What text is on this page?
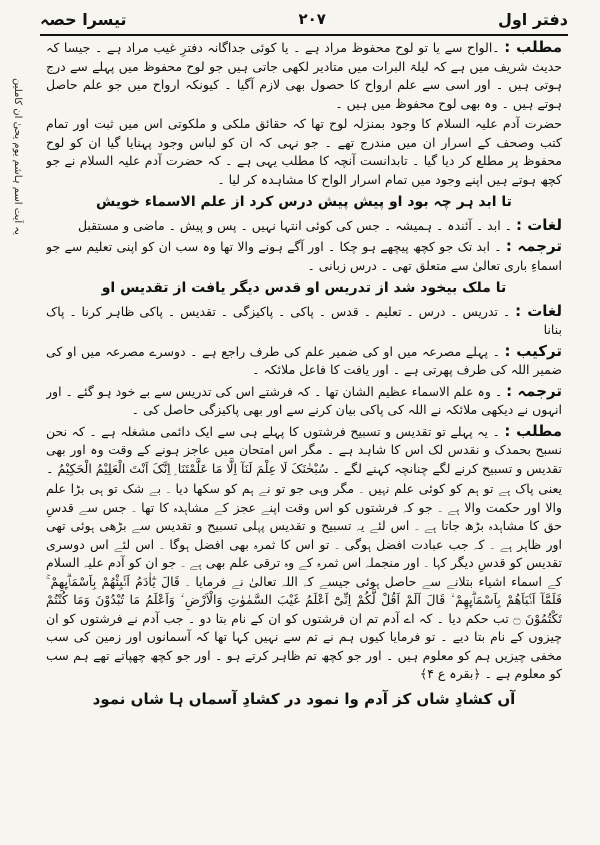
دفتر اول
۲۰۷
تیسرا حصہ
یہ آیت اسم ہاشم یوم یحیٰ ان کاملین

مطلب : ۔الواح سے یا تو لوح محفوظ مراد ہے ۔ یا کوئی جداگانہ دفترِ غیب مراد ہے ۔ جیسا کہ حدیث شریف میں ہے کہ لیلۃ البرات میں متادیر لکھی جاتی ہیں جو لوح محفوظ میں پہلے سے درج ہوتی ہیں ۔ اور اسی سے علم ارواح کا حصول بھی لازم آگیا ۔ کیونکہ ارواح میں جو علم حاصل ہوتے ہیں ۔ وہ بھی لوح محفوظ میں ہیں ۔

حضرت آدم علیہ السلام کا وجود بمنزلہ لوح تھا کہ حقائق ملکی و ملکوتی اس میں ثبت اور تمام کتب وصحف کے اسرار ان میں مندرج تھے ۔ جو نہی کہ ان کو لباس وجود پہنایا گیا ان کو لوح محفوظ پر مطلع کر دیا گیا ۔ تابدانست آنچہ کا مطلب یہی ہے ۔ کہ حضرت آدم علیہ السلام نے جو کچھ ہوتے ہیں اپنے وجود میں تمام اسرار الواح کا مشاہدہ کر لیا ۔

تا ابد ہر چہ بود او پیش پیش درس کرد از علم الاسماء خویش

لغات : ۔ ابد ۔ آئندہ ۔ ہمیشہ ۔ جس کی کوئی انتہا نہیں ۔ پس و پیش ۔ ماضی و مستقبل

ترجمہ : ۔ ابد تک جو کچھ پیچھے ہو چکا ۔ اور آگے ہونے والا تھا وہ سب ان کو اپنی تعلیم سے جو اسماءِ باری تعالیٰ سے متعلق تھی ۔ درس زبانی ۔

تا ملک بیخود شد از تدریس او قدس دیگر یافت از تقدیس او

لغات : ۔ تدریس ۔ درس ۔ تعلیم ۔ قدس ۔ پاکی ۔ پاکیزگی ۔ تقدیس ۔ پاکی ظاہر کرنا ۔ پاک بنانا

ترکیب : ۔ پہلے مصرعہ میں او کی ضمیر علم کی طرف راجع ہے ۔ دوسرے مصرعہ میں او کی ضمیر اللہ کی طرف پھرتی ہے ۔ اور یافت کا فاعل ملائکہ ۔

ترجمہ : ۔ وہ علم الاسماء عظیم الشان تھا ۔ کہ فرشتے اس کی تدریس سے بے خود ہو گئے ۔ اور انہوں نے دیکھی ملائکہ نے اللہ کی پاکی بیان کرنے سے اور بھی پاکیزگی حاصل کی ۔

مطلب : ۔ یہ پہلے تو تقدیس و تسبیح فرشتوں کا پہلے ہی سے ایک دائمی مشغلہ ہے ۔ کہ نحن نسبح بحمدک و نقدس لک اس کا شاہد ہے ۔ مگر اس امتحان میں عاجز ہونے کے وقت وہ اور بھی تقدیس و تسبیح کرنے لگے چنانچہ کہنے لگے ۔ سُبْحٰنَکَ لَا عِلْمَ لَنَآ اِلَّا مَا عَلَّمْتَنَا ۭ اِنَّکَ اَنْتَ الْعَلِیْمُ الْحَکِیْمُ ۔

یعنی پاک ہے تو ہم کو کوئی علم نہیں ۔ مگر وہی جو تو نے ہم کو سکھا دیا ۔ بے شک تو ہی بڑا علم والا اور حکمت والا ہے ۔ جو کہ فرشتوں کو اس وقت اپنے عجز کے مشاہدہ کا تھا ۔ جس سے قدسِ حق کا مشاہدہ بڑھ جاتا ہے ۔ اس لئے یہ تسبیح و تقدیس پہلی تسبیح و تقدیس سے بڑھی ہوئی تھی اور ظاہر ہے ۔ کہ جب عبادت افضل ہوگی ۔ تو اس کا ثمرہ بھی افضل ہوگا ۔ اس لئے اس دوسری تقدیس کو قدسِ دیگر کہا ۔ اور منجملہ اس ثمرہ کے وہ ترقی علم بھی ہے ۔ جو ان کو آدم علیہ السلام کے اسماء اشیاء بتلانے سے حاصل ہوئی جیسے کہ اللہ تعالیٰ نے فرمایا ۔ قَالَ یٰٓاٰدَمُ اَنْۢبِئْهُمْ بِاَسْمَاۗىِٕهِمْ ۚ فَلَمَّآ اَنْۢبَاَهُمْ بِاَسْمَاۗىِٕهِمْ ۙ قَالَ اَلَمْ اَقُلْ لَّكُمْ اِنِّىْٓ اَعْلَمُ غَيْبَ السَّمٰوٰتِ وَالْاَرْضِ ۙ وَاَعْلَمُ مَا تُبْدُوْنَ وَمَا كُنْتُمْ تَكْتُمُوْنَ ۝ تب حکم دیا ۔ کہ اے آدم تم ان فرشتوں کو ان کے نام بتا دو ۔ جب آدم نے فرشتوں کو ان چیزوں کے نام بتا دیے ۔ تو فرمایا کیوں ہم نے تم سے نہیں کہا تھا کہ آسمانوں اور زمین کی سب مخفی چیزیں ہم کو معلوم ہیں ۔ اور جو کچھ تم ظاہر کرتے ہو ۔ اور جو کچھ چھپاتے تھے ہم سب کو معلوم ہے ۔ ﴿بقرہ ع ۴﴾

آں کشادِ شاں کز آدم وا نمود در کشادِ آسماں ہا شاں نمود
